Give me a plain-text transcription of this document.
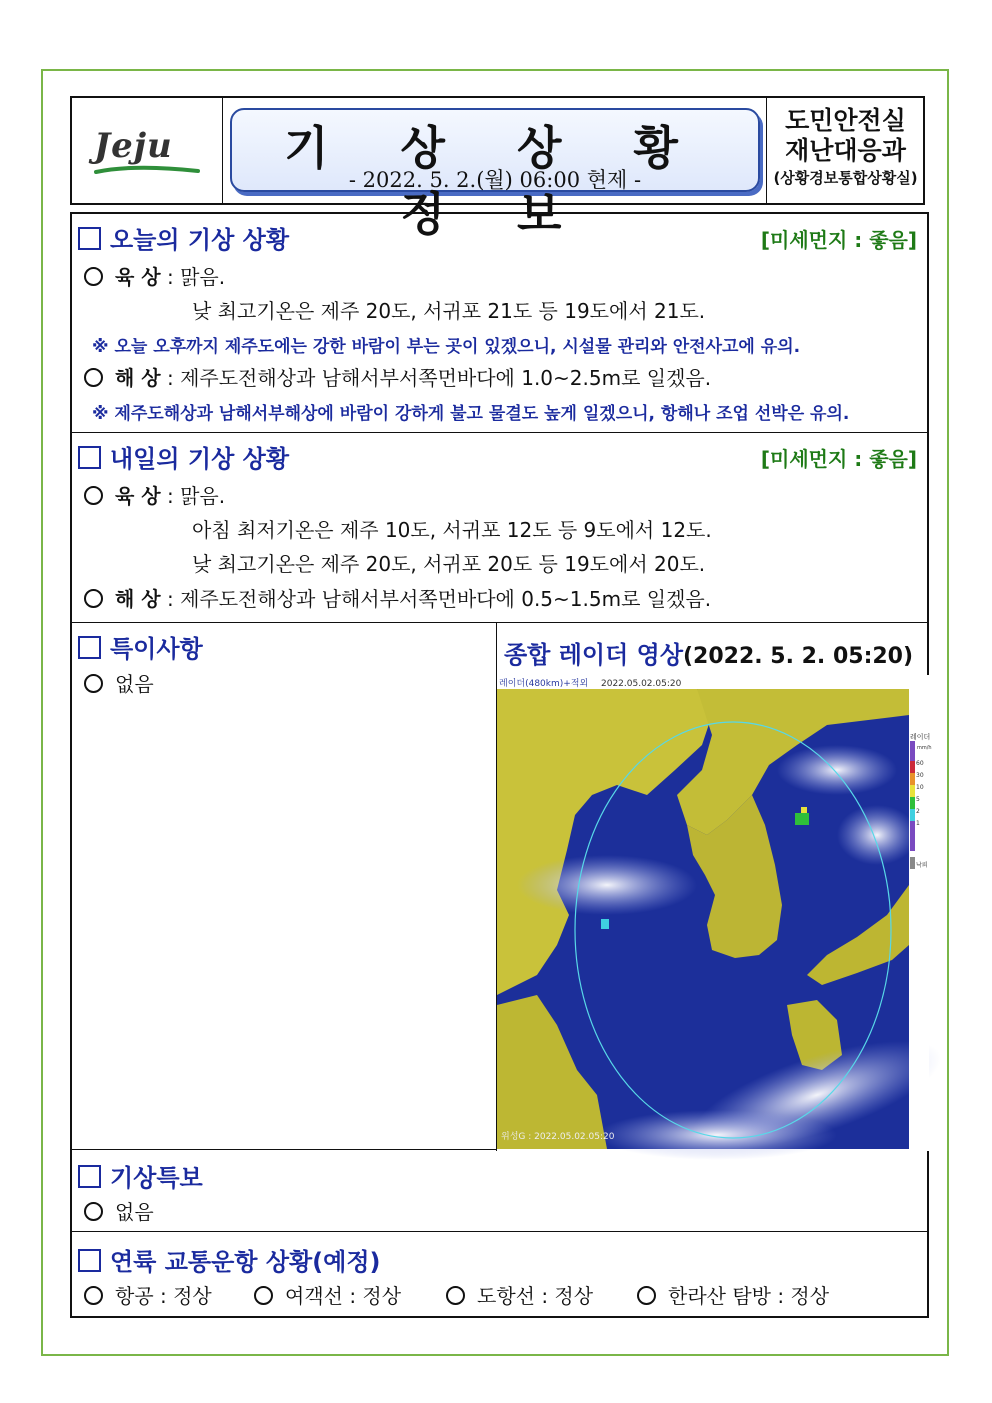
Jeju	기 상 상 황 정 보
- 2022. 5. 2.(월) 06:00 현제 -
도민안전실
재난대응과
(상황경보통합상황실)
오늘의 기상 상황	[미세먼지 : 좋음]
육 상 : 맑음.
낮 최고기온은 제주 20도, 서귀포 21도 등 19도에서 21도.
※ 오늘 오후까지 제주도에는 강한 바람이 부는 곳이 있겠으니, 시설물 관리와 안전사고에 유의.
해 상 : 제주도전해상과 남해서부서쪽먼바다에 1.0~2.5m로 일겠음.
※ 제주도해상과 남해서부해상에 바람이 강하게 불고 물결도 높게 일겠으니, 항해나 조업 선박은 유의.
내일의 기상 상황	[미세먼지 : 좋음]
육 상 : 맑음.
아침 최저기온은 제주 10도, 서귀포 12도 등 9도에서 12도.
낮 최고기온은 제주 20도, 서귀포 20도 등 19도에서 20도.
해 상 : 제주도전해상과 남해서부서쪽먼바다에 0.5~1.5m로 일겠음.
특이사항
없음
종합 레이더 영상(2022. 5. 2. 05:20)
레이더(480km)+적외 2022.05.02.05:20
위성G : 2022.05.02.05:20
레이더
mm/h
60
30
10
5
2
1
낙뢰
기상특보
없음
연륙 교통운항 상황(예정)
항공 : 정상	여객선 : 정상	도항선 : 정상	한라산 탐방 : 정상
